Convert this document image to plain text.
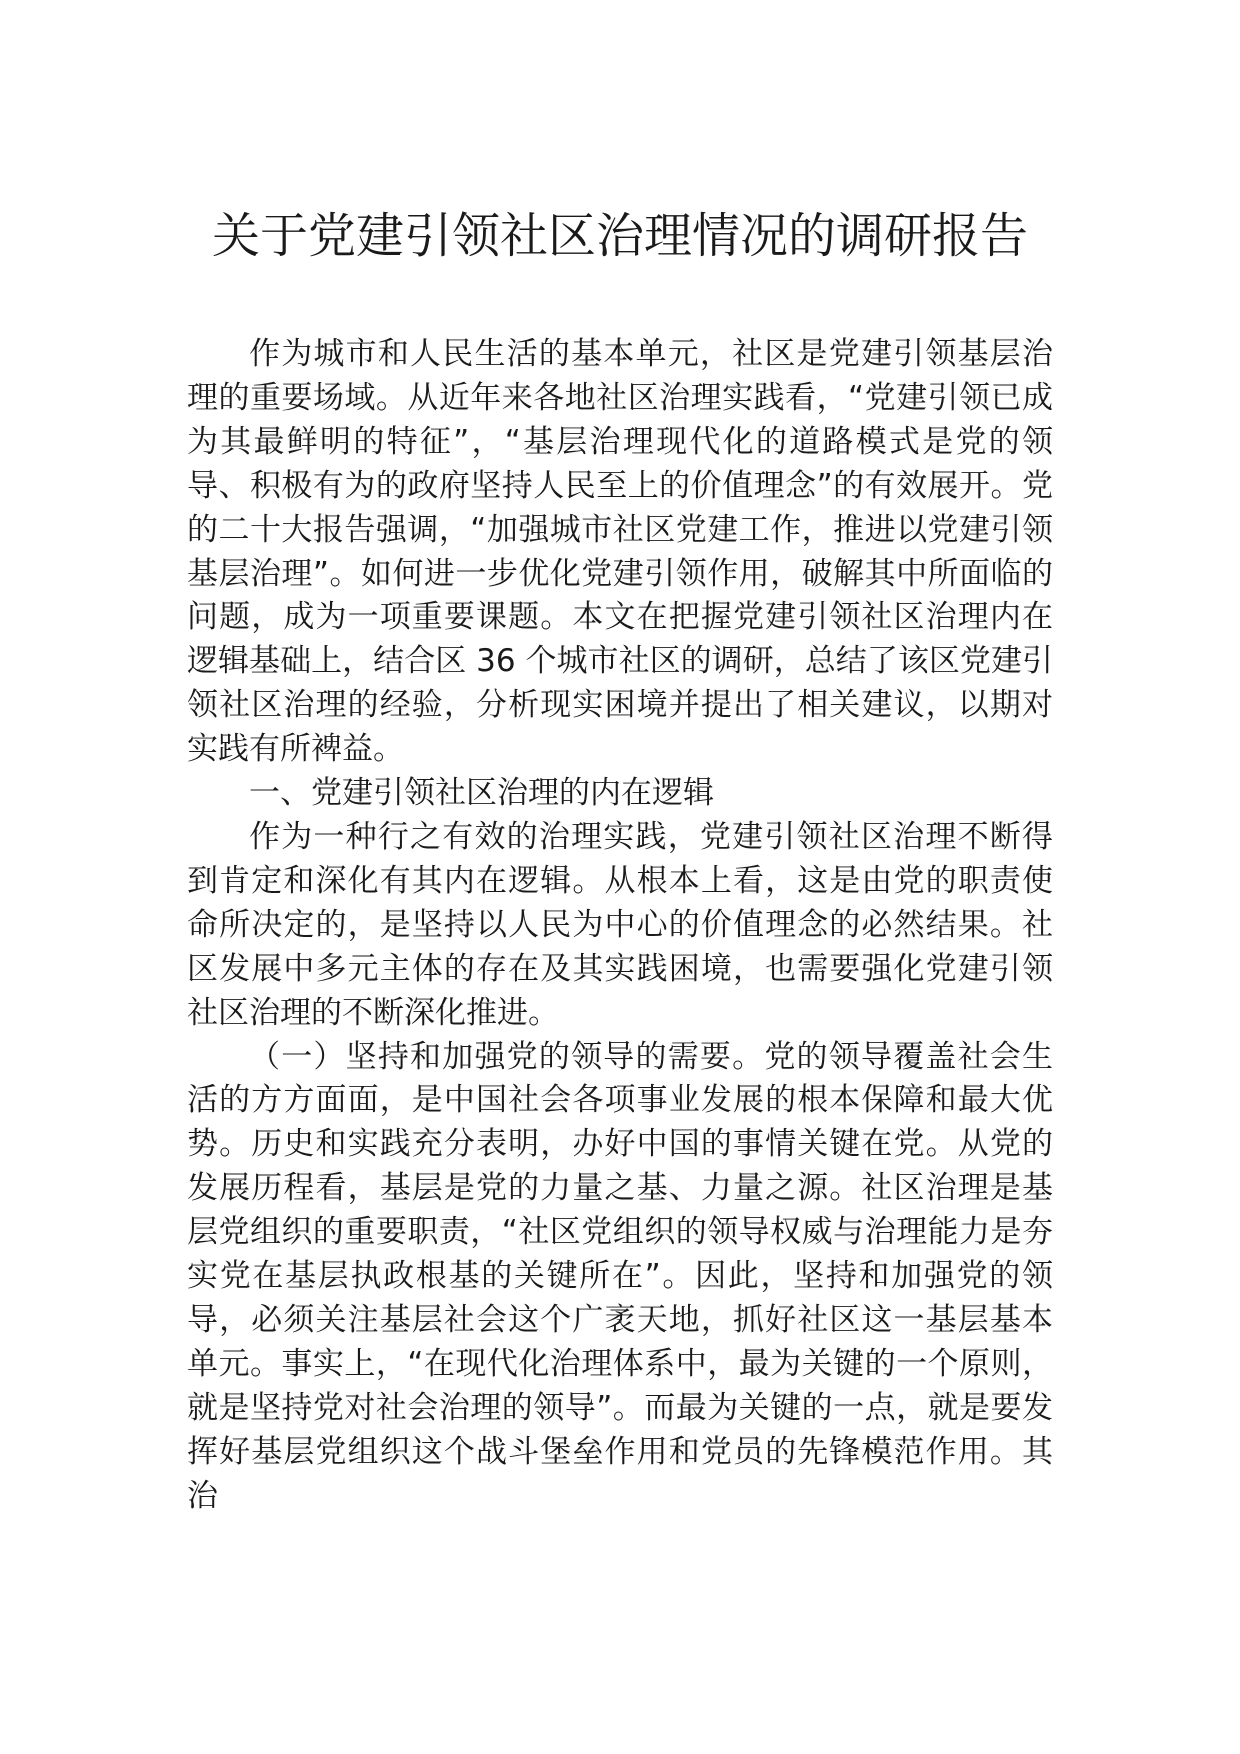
关于党建引领社区治理情况的调研报告

作为城市和人民生活的基本单元，社区是党建引领基层治理的重要场域。从近年来各地社区治理实践看，“党建引领已成为其最鲜明的特征”，“基层治理现代化的道路模式是党的领导、积极有为的政府坚持人民至上的价值理念”的有效展开。党的二十大报告强调，“加强城市社区党建工作，推进以党建引领基层治理”。如何进一步优化党建引领作用，破解其中所面临的问题，成为一项重要课题。本文在把握党建引领社区治理内在逻辑基础上，结合区 36 个城市社区的调研，总结了该区党建引领社区治理的经验，分析现实困境并提出了相关建议，以期对实践有所裨益。

一、党建引领社区治理的内在逻辑

作为一种行之有效的治理实践，党建引领社区治理不断得到肯定和深化有其内在逻辑。从根本上看，这是由党的职责使命所决定的，是坚持以人民为中心的价值理念的必然结果。社区发展中多元主体的存在及其实践困境，也需要强化党建引领社区治理的不断深化推进。

（一）坚持和加强党的领导的需要。党的领导覆盖社会生活的方方面面，是中国社会各项事业发展的根本保障和最大优势。历史和实践充分表明，办好中国的事情关键在党。从党的发展历程看，基层是党的力量之基、力量之源。社区治理是基层党组织的重要职责，“社区党组织的领导权威与治理能力是夯实党在基层执政根基的关键所在”。因此，坚持和加强党的领导，必须关注基层社会这个广袤天地，抓好社区这一基层基本单元。事实上，“在现代化治理体系中，最为关键的一个原则，就是坚持党对社会治理的领导”。而最为关键的一点，就是要发挥好基层党组织这个战斗堡垒作用和党员的先锋模范作用。其治
